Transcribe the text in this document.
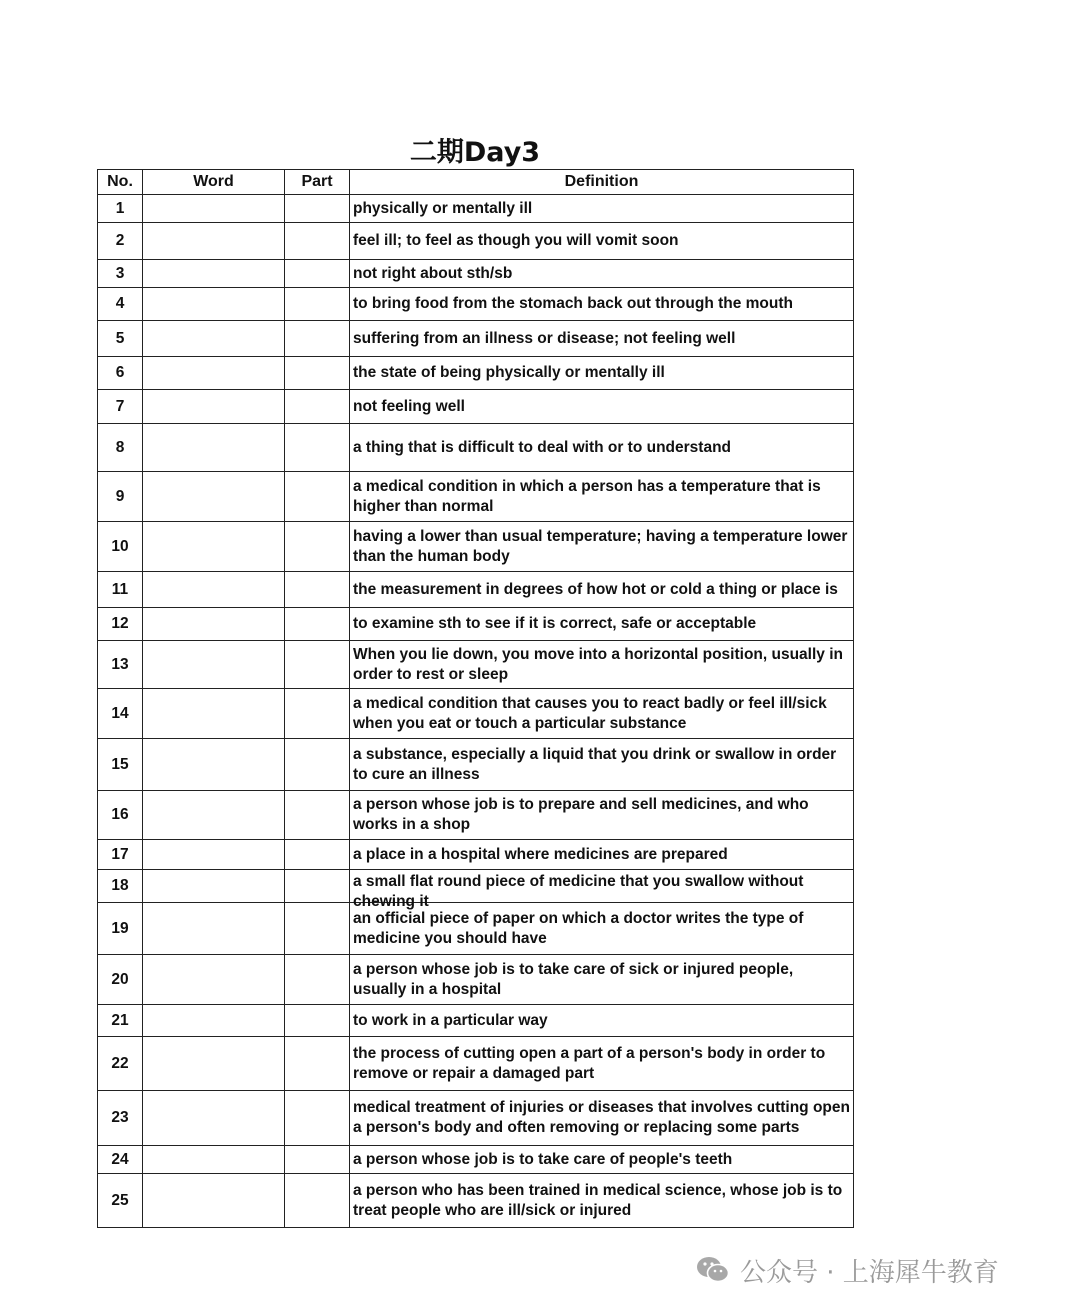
二期Day3
No.	Word	Part	Definition
1			physically or mentally ill

2			feel ill; to feel as though you will vomit soon

3			not right about sth/sb

4			to bring food from the stomach back out through the mouth

5			suffering from an illness or disease; not feeling well

6			the state of being physically or mentally ill

7			not feeling well

8			a thing that is difficult to deal with or to understand

9			a medical condition in which a person has a temperature that is higher than normal

10			having a lower than usual temperature; having a temperature lower than the human body

11			the measurement in degrees of how hot or cold a thing or place is

12			to examine sth to see if it is correct, safe or acceptable

13			When you lie down, you move into a horizontal position, usually in order to rest or sleep

14			a medical condition that causes you to react badly or feel ill/sick when you eat or touch a particular substance

15			a substance, especially a liquid that you drink or swallow in order to cure an illness

16			a person whose job is to prepare and sell medicines, and who works in a shop

17			a place in a hospital where medicines are prepared

18			a small flat round piece of medicine that you swallow without chewing it

19			an official piece of paper on which a doctor writes the type of medicine you should have

20			a person whose job is to take care of sick or injured people, usually in a hospital

21			to work in a particular way

22			the process of cutting open a part of a person's body in order to remove or repair a damaged part

23			medical treatment of injuries or diseases that involves cutting open a person's body and often removing or replacing some parts

24			a person whose job is to take care of people's teeth

25			a person who has been trained in medical science, whose job is to treat people who are ill/sick or injured
公众号 · 上海犀牛教育
